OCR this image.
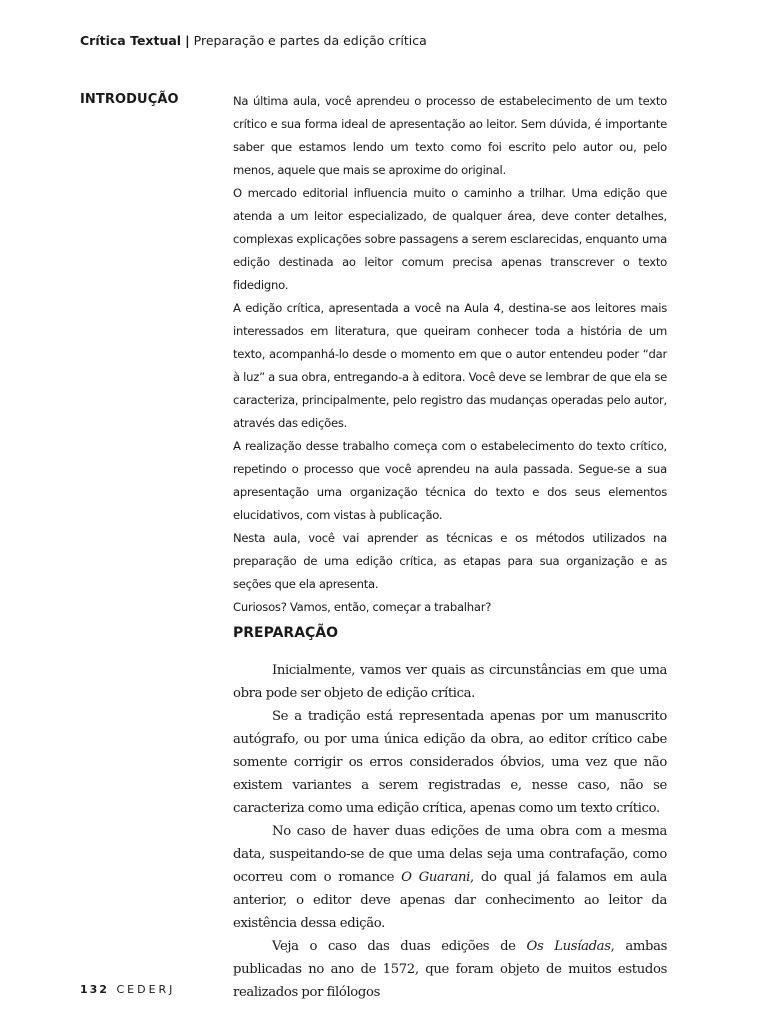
Crítica Textual | Preparação e partes da edição crítica
INTRODUÇÃO	Na última aula, você aprendeu o processo de estabelecimento de um texto crítico e sua forma ideal de apresentação ao leitor. Sem dúvida, é importante saber que estamos lendo um texto como foi escrito pelo autor ou, pelo menos, aquele que mais se aproxime do original.

O mercado editorial influencia muito o caminho a trilhar. Uma edição que atenda a um leitor especializado, de qualquer área, deve conter detalhes, complexas explicações sobre passagens a serem esclarecidas, enquanto uma edição destinada ao leitor comum precisa apenas transcrever o texto fidedigno.

A edição crítica, apresentada a você na Aula 4, destina-se aos leitores mais interessados em literatura, que queiram conhecer toda a história de um texto, acompanhá-lo desde o momento em que o autor entendeu poder “dar à luz” a sua obra, entregando-a à editora. Você deve se lembrar de que ela se caracteriza, principalmente, pelo registro das mudanças operadas pelo autor, através das edições.

A realização desse trabalho começa com o estabelecimento do texto crítico, repetindo o processo que você aprendeu na aula passada. Segue-se a sua apresentação uma organização técnica do texto e dos seus elementos elucidativos, com vistas à publicação.

Nesta aula, você vai aprender as técnicas e os métodos utilizados na preparação de uma edição crítica, as etapas para sua organização e as seções que ela apresenta.

Curiosos? Vamos, então, começar a trabalhar?

PREPARAÇÃO

Inicialmente, vamos ver quais as circunstâncias em que uma obra pode ser objeto de edição crítica.

Se a tradição está representada apenas por um manuscrito autógrafo, ou por uma única edição da obra, ao editor crítico cabe somente corrigir os erros considerados óbvios, uma vez que não existem variantes a serem registradas e, nesse caso, não se caracteriza como uma edição crítica, apenas como um texto crítico.

No caso de haver duas edições de uma obra com a mesma data, suspeitando-se de que uma delas seja uma contrafação, como ocorreu com o romance O Guarani, do qual já falamos em aula anterior, o editor deve apenas dar conhecimento ao leitor da existência dessa edição.

Veja o caso das duas edições de Os Lusíadas, ambas publicadas no ano de 1572, que foram objeto de muitos estudos realizados por filólogos

132 CEDERJ
